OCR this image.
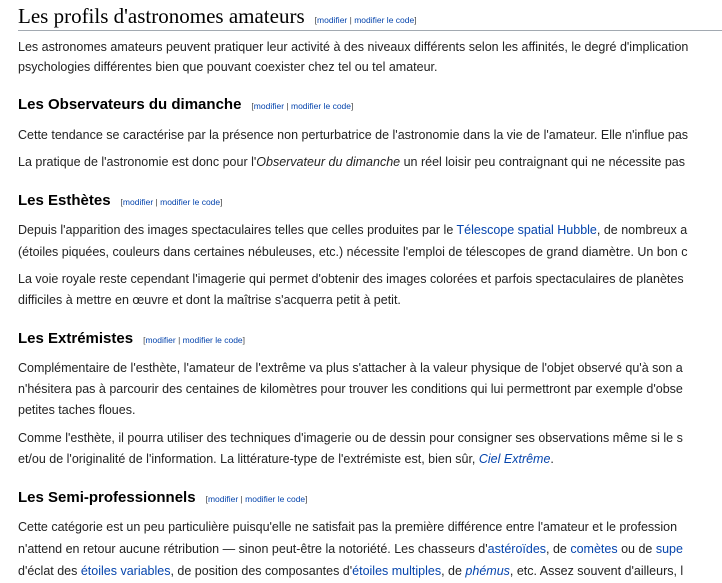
Les profils d'astronomes amateurs [modifier | modifier le code]
Les astronomes amateurs peuvent pratiquer leur activité à des niveaux différents selon les affinités, le degré d'implication
psychologies différentes bien que pouvant coexister chez tel ou tel amateur.
Les Observateurs du dimanche [modifier | modifier le code]
Cette tendance se caractérise par la présence non perturbatrice de l'astronomie dans la vie de l'amateur. Elle n'influe pas
La pratique de l'astronomie est donc pour l'Observateur du dimanche un réel loisir peu contraignant qui ne nécessite pas
Les Esthètes [modifier | modifier le code]
Depuis l'apparition des images spectaculaires telles que celles produites par le Télescope spatial Hubble, de nombreux a
(étoiles piquées, couleurs dans certaines nébuleuses, etc.) nécessite l'emploi de télescopes de grand diamètre. Un bon c
La voie royale reste cependant l'imagerie qui permet d'obtenir des images colorées et parfois spectaculaires de planètes
difficiles à mettre en œuvre et dont la maîtrise s'acquerra petit à petit.
Les Extrémistes [modifier | modifier le code]
Complémentaire de l'esthète, l'amateur de l'extrême va plus s'attacher à la valeur physique de l'objet observé qu'à son a
n'hésitera pas à parcourir des centaines de kilomètres pour trouver les conditions qui lui permettront par exemple d'obse
petites taches floues.
Comme l'esthète, il pourra utiliser des techniques d'imagerie ou de dessin pour consigner ses observations même si le s
et/ou de l'originalité de l'information. La littérature-type de l'extrémiste est, bien sûr, Ciel Extrême.
Les Semi-professionnels [modifier | modifier le code]
Cette catégorie est un peu particulière puisqu'elle ne satisfait pas la première différence entre l'amateur et le profession
n'attend en retour aucune rétribution — sinon peut-être la notoriété. Les chasseurs d'astéroïdes, de comètes ou de supe
d'éclat des étoiles variables, de position des composantes d'étoiles multiples, de phémus, etc. Assez souvent d'ailleurs, l
